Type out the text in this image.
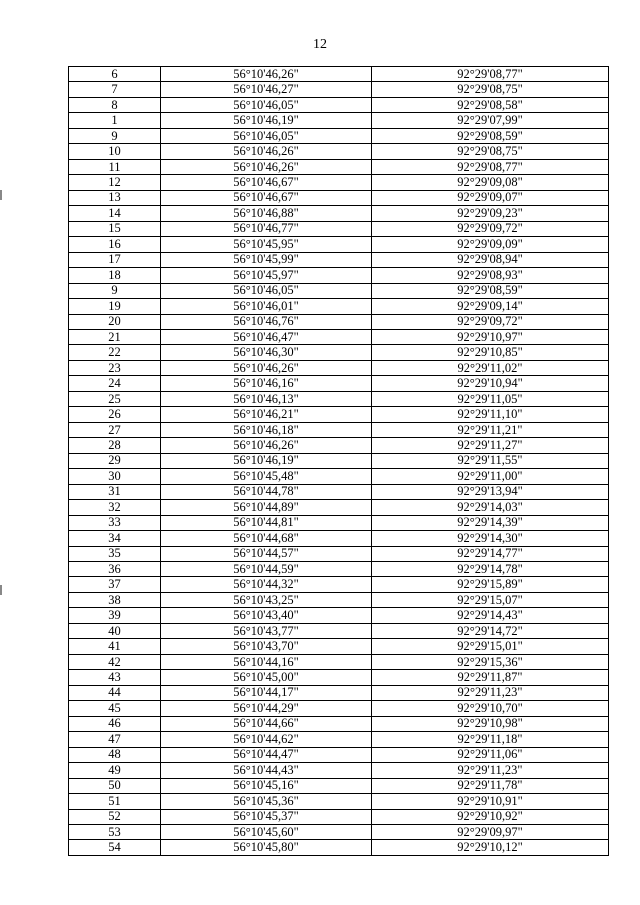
12
6	56°10'46,26"	92°29'08,77"
7	56°10'46,27"	92°29'08,75"
8	56°10'46,05"	92°29'08,58"
1	56°10'46,19"	92°29'07,99"
9	56°10'46,05"	92°29'08,59"
10	56°10'46,26"	92°29'08,75"
11	56°10'46,26"	92°29'08,77"
12	56°10'46,67"	92°29'09,08"
13	56°10'46,67"	92°29'09,07"
14	56°10'46,88"	92°29'09,23"
15	56°10'46,77"	92°29'09,72"
16	56°10'45,95"	92°29'09,09"
17	56°10'45,99"	92°29'08,94"
18	56°10'45,97"	92°29'08,93"
9	56°10'46,05"	92°29'08,59"
19	56°10'46,01"	92°29'09,14"
20	56°10'46,76"	92°29'09,72"
21	56°10'46,47"	92°29'10,97"
22	56°10'46,30"	92°29'10,85"
23	56°10'46,26"	92°29'11,02"
24	56°10'46,16"	92°29'10,94"
25	56°10'46,13"	92°29'11,05"
26	56°10'46,21"	92°29'11,10"
27	56°10'46,18"	92°29'11,21"
28	56°10'46,26"	92°29'11,27"
29	56°10'46,19"	92°29'11,55"
30	56°10'45,48"	92°29'11,00"
31	56°10'44,78"	92°29'13,94"
32	56°10'44,89"	92°29'14,03"
33	56°10'44,81"	92°29'14,39"
34	56°10'44,68"	92°29'14,30"
35	56°10'44,57"	92°29'14,77"
36	56°10'44,59"	92°29'14,78"
37	56°10'44,32"	92°29'15,89"
38	56°10'43,25"	92°29'15,07"
39	56°10'43,40"	92°29'14,43"
40	56°10'43,77"	92°29'14,72"
41	56°10'43,70"	92°29'15,01"
42	56°10'44,16"	92°29'15,36"
43	56°10'45,00"	92°29'11,87"
44	56°10'44,17"	92°29'11,23"
45	56°10'44,29"	92°29'10,70"
46	56°10'44,66"	92°29'10,98"
47	56°10'44,62"	92°29'11,18"
48	56°10'44,47"	92°29'11,06"
49	56°10'44,43"	92°29'11,23"
50	56°10'45,16"	92°29'11,78"
51	56°10'45,36"	92°29'10,91"
52	56°10'45,37"	92°29'10,92"
53	56°10'45,60"	92°29'09,97"
54	56°10'45,80"	92°29'10,12"
